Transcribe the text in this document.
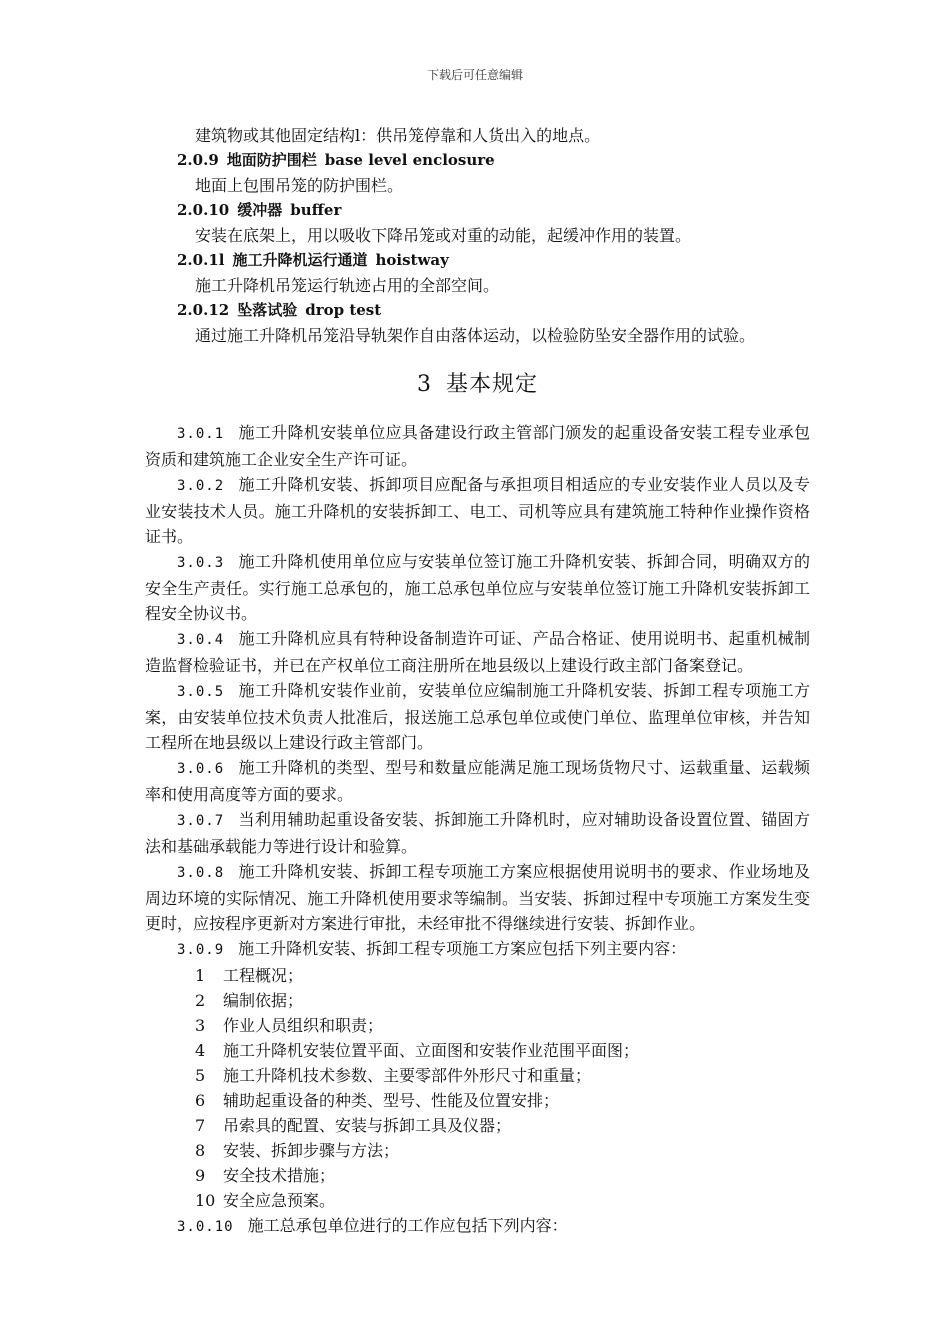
下载后可任意编辑
建筑物或其他固定结构l：供吊笼停靠和人货出入的地点。
2.0.9 地面防护围栏 base level enclosure
地面上包围吊笼的防护围栏。
2.0.10 缓冲器 buffer
安装在底架上，用以吸收下降吊笼或对重的动能，起缓冲作用的装置。
2.0.1l 施工升降机运行通道 hoistway
施工升降机吊笼运行轨迹占用的全部空间。
2.0.12 坠落试验 drop test
通过施工升降机吊笼沿导轨架作自由落体运动，以检验防坠安全器作用的试验。
3 基本规定
3.0.1 施工升降机安装单位应具备建设行政主管部门颁发的起重设备安装工程专业承包资质和建筑施工企业安全生产许可证。
3.0.2 施工升降机安装、拆卸项目应配备与承担项目相适应的专业安装作业人员以及专业安装技术人员。施工升降机的安装拆卸工、电工、司机等应具有建筑施工特种作业操作资格证书。
3.0.3 施工升降机使用单位应与安装单位签订施工升降机安装、拆卸合同，明确双方的安全生产责任。实行施工总承包的，施工总承包单位应与安装单位签订施工升降机安装拆卸工程安全协议书。
3.0.4 施工升降机应具有特种设备制造许可证、产品合格证、使用说明书、起重机械制造监督检验证书，并已在产权单位工商注册所在地县级以上建设行政主部门备案登记。
3.0.5 施工升降机安装作业前，安装单位应编制施工升降机安装、拆卸工程专项施工方案，由安装单位技术负责人批准后，报送施工总承包单位或使门单位、监理单位审核，并告知工程所在地县级以上建设行政主管部门。
3.0.6 施工升降机的类型、型号和数量应能满足施工现场货物尺寸、运载重量、运载频率和使用高度等方面的要求。
3.0.7 当利用辅助起重设备安装、拆卸施工升降机时，应对辅助设备设置位置、锚固方法和基础承载能力等进行设计和验算。
3.0.8 施工升降机安装、拆卸工程专项施工方案应根据使用说明书的要求、作业场地及周边环境的实际情况、施工升降机使用要求等编制。当安装、拆卸过程中专项施工方案发生变更时，应按程序更新对方案进行审批，未经审批不得继续进行安装、拆卸作业。
3.0.9 施工升降机安装、拆卸工程专项施工方案应包括下列主要内容：
1 工程概况；
2 编制依据；
3 作业人员组织和职责；
4 施工升降机安装位置平面、立面图和安装作业范围平面图；
5 施工升降机技术参数、主要零部件外形尺寸和重量；
6 辅助起重设备的种类、型号、性能及位置安排；
7 吊索具的配置、安装与拆卸工具及仪器；
8 安装、拆卸步骤与方法；
9 安全技术措施；
10 安全应急预案。
3.0.10 施工总承包单位进行的工作应包括下列内容：
